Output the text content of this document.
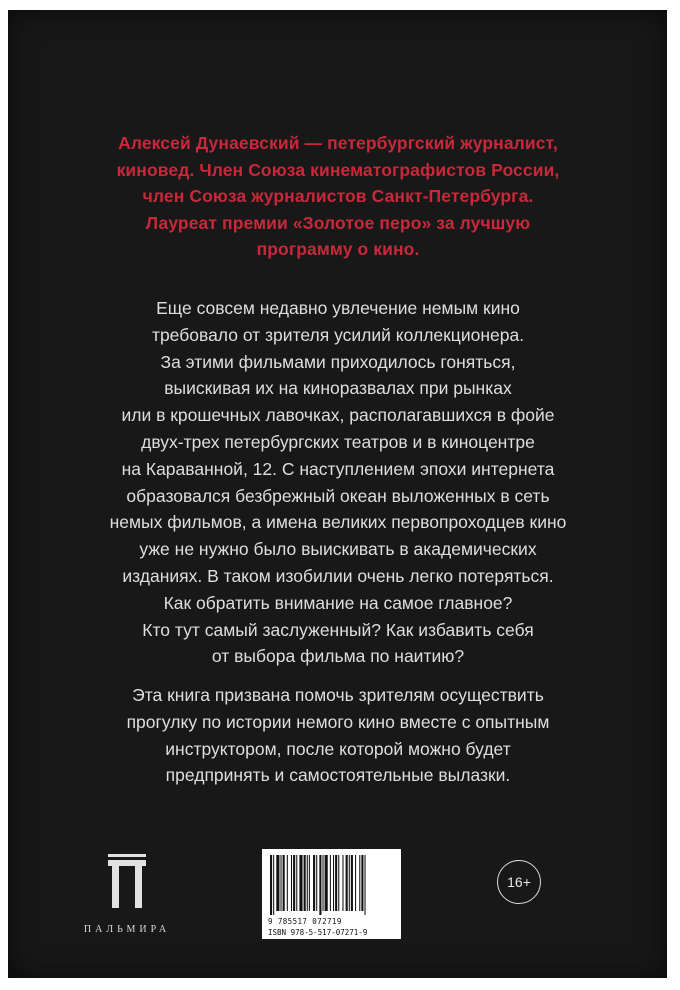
Алексей Дунаевский — петербургский журналист,
киновед. Член Союза кинематографистов России,
член Союза журналистов Санкт-Петербурга.
Лауреат премии «Золотое перо» за лучшую
программу о кино.
Еще совсем недавно увлечение немым кино
требовало от зрителя усилий коллекционера.
За этими фильмами приходилось гоняться,
выискивая их на киноразвалах при рынках
или в крошечных лавочках, располагавшихся в фойе
двух-трех петербургских театров и в киноцентре
на Караванной, 12. С наступлением эпохи интернета
образовался безбрежный океан выложенных в сеть
немых фильмов, а имена великих первопроходцев кино
уже не нужно было выискивать в академических
изданиях. В таком изобилии очень легко потеряться.
Как обратить внимание на самое главное?
Кто тут самый заслуженный? Как избавить себя
от выбора фильма по наитию?
Эта книга призвана помочь зрителям осуществить
прогулку по истории немого кино вместе с опытным
инструктором, после которой можно будет
предпринять и самостоятельные вылазки.
ПАЛЬМИРА
9 785517 072719
ISBN 978-5-517-07271-9
16+
